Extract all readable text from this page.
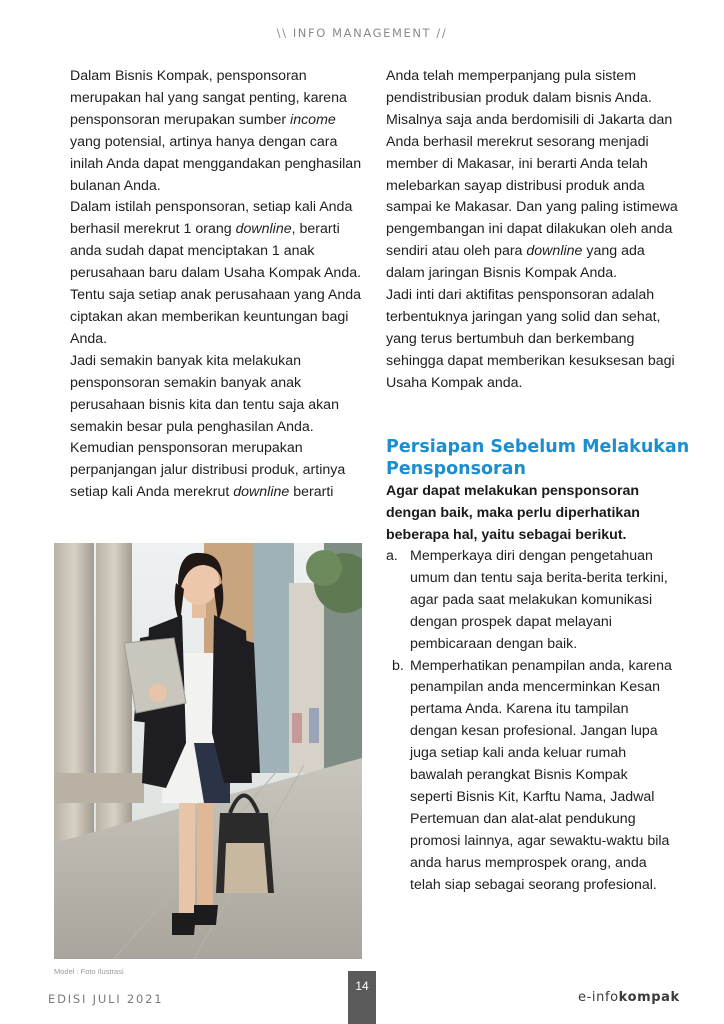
\\ INFO MANAGEMENT //

Dalam Bisnis Kompak, pensponsoran merupakan hal yang sangat penting, karena pensponsoran merupakan sumber income yang potensial, artinya hanya dengan cara inilah Anda dapat menggandakan penghasilan bulanan Anda.

Dalam istilah pensponsoran, setiap kali Anda berhasil merekrut 1 orang downline, berarti anda sudah dapat menciptakan 1 anak perusahaan baru dalam Usaha Kompak Anda. Tentu saja setiap anak perusahaan yang Anda ciptakan akan memberikan keuntungan bagi Anda.

Jadi semakin banyak kita melakukan pensponsoran semakin banyak anak perusahaan bisnis kita dan tentu saja akan semakin besar pula penghasilan Anda.

Kemudian pensponsoran merupakan perpanjangan jalur distribusi produk, artinya setiap kali Anda merekrut downline berarti

Anda telah memperpanjang pula sistem pendistribusian produk dalam bisnis Anda. Misalnya saja anda berdomisili di Jakarta dan Anda berhasil merekrut sesorang menjadi member di Makasar, ini berarti Anda telah melebarkan sayap distribusi produk anda sampai ke Makasar. Dan yang paling istimewa pengembangan ini dapat dilakukan oleh anda sendiri atau oleh para downline yang ada dalam jaringan Bisnis Kompak Anda.

Jadi inti dari aktifitas pensponsoran adalah terbentuknya jaringan yang solid dan sehat, yang terus bertumbuh dan berkembang sehingga dapat memberikan kesuksesan bagi Usaha Kompak anda.

Persiapan Sebelum Melakukan Pensponsoran
Agar dapat melakukan pensponsoran dengan baik, maka perlu diperhatikan beberapa hal, yaitu sebagai berikut.
a. Memperkaya diri dengan pengetahuan umum dan tentu saja berita-berita terkini, agar pada saat melakukan komunikasi dengan prospek dapat melayani pembicaraan dengan baik.
b. Memperhatikan penampilan anda, karena penampilan anda mencerminkan Kesan pertama Anda. Karena itu tampilan dengan kesan profesional. Jangan lupa juga setiap kali anda keluar rumah bawalah perangkat Bisnis Kompak seperti Bisnis Kit, Karftu Nama, Jadwal Pertemuan dan alat-alat pendukung promosi lainnya, agar sewaktu-waktu bila anda harus memprospek orang, anda telah siap sebagai seorang profesional.
Model : Foto Ilustrasi
14
EDISI JULI 2021	e-infokompak
